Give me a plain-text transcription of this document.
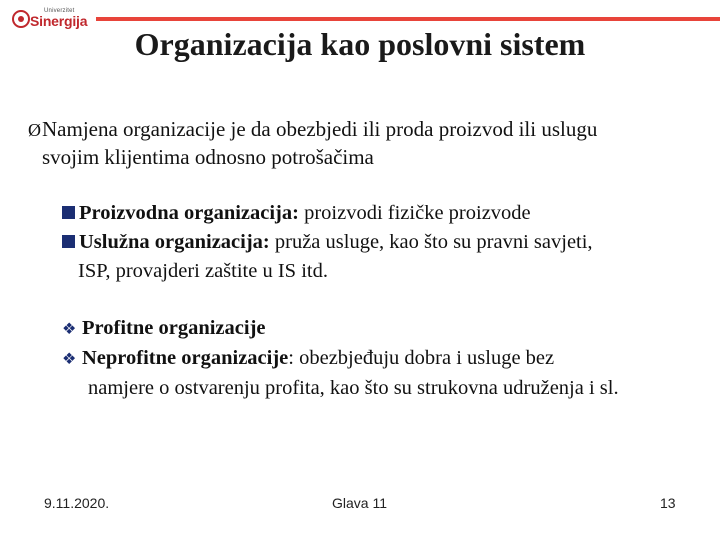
Univerzitet
Sinergija
Organizacija kao poslovni sistem
ØNamjena organizacije je da obezbjedi ili proda proizvod ili uslugu
svojim klijentima odnosno potrošačima
Proizvodna organizacija: proizvodi fizičke proizvode
Uslužna organizacija: pruža usluge, kao što su pravni savjeti,
ISP, provajderi zaštite u IS itd.
❖ Profitne organizacije
❖ Neprofitne organizacije: obezbjeđuju dobra i usluge bez
namjere o ostvarenju profita, kao što su strukovna udruženja i sl.
9.11.2020.	Glava 11	13
